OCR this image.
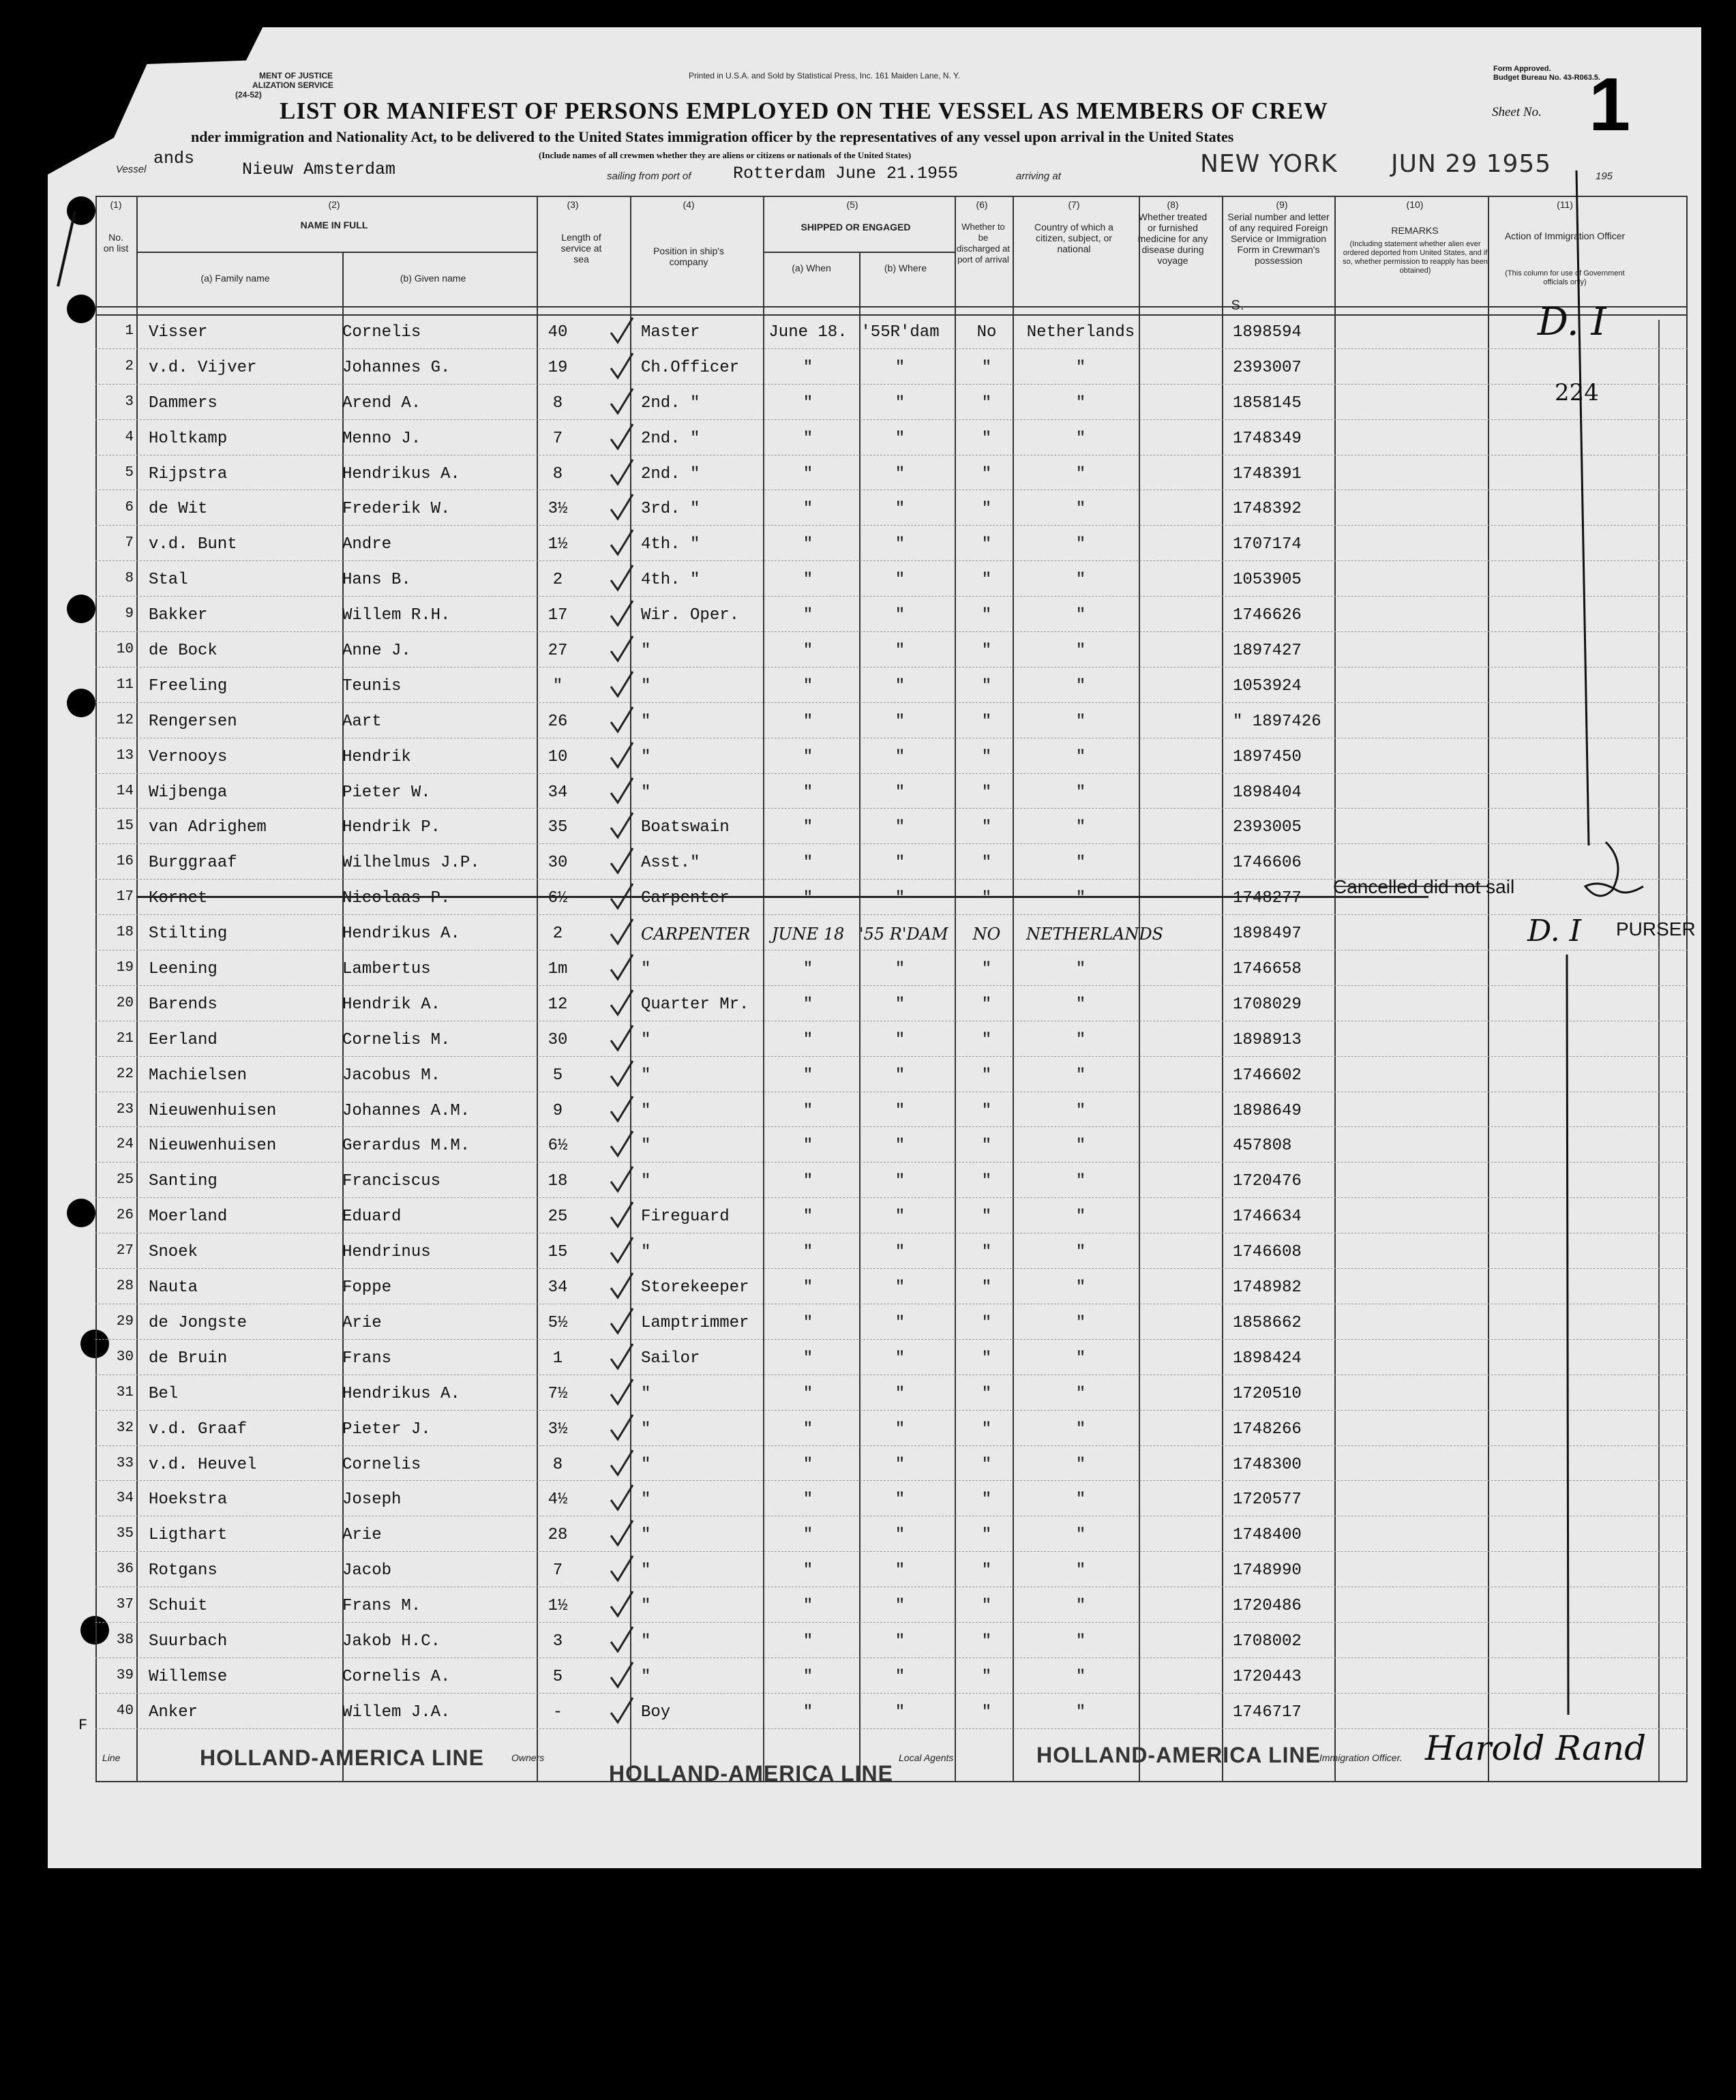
MENT OF JUSTICE
ALIZATION SERVICE
(24-52)
Printed in U.S.A. and Sold by Statistical Press, Inc. 161 Maiden Lane, N. Y.
Form Approved.
Budget Bureau No. 43-R063.5.
LIST OR MANIFEST OF PERSONS EMPLOYED ON THE VESSEL AS MEMBERS OF CREW
nder immigration and Nationality Act, to be delivered to the United States immigration officer by the representatives of any vessel upon arrival in the United States
(Include names of all crewmen whether they are aliens or citizens or nationals of the United States)
Sheet No. 1
ands
Vessel	Nieuw Amsterdam	sailing from port of Rotterdam June 21.1955	arriving at	NEW YORK JUN 29 1955	195
(1)
No. on list
(2)
NAME IN FULL
(a) Family name	(b) Given name
(3)
Length of service at sea
(4)
Position in ship's company
(5)
SHIPPED OR ENGAGED
(a) When	(b) Where
(6)
Whether to be discharged at port of arrival
(7)
Country of which a citizen, subject, or national
(8)
Whether treated or furnished medicine for any disease during voyage
(9)
Serial number and letter of any required Foreign Service or Immigration Form in Crewman's possession
S.
(10)
REMARKS
(Including statement whether alien ever ordered deported from United States, and if so, whether permission to reapply has been obtained)
(11)
Action of Immigration Officer
(This column for use of Government officials only)
1 Visser	Cornelis	40	Master	June 18. '55R'dam	No	Netherlands	1898594
2 v.d. Vijver	Johannes G.	19	Ch.Officer	"	"	"	"	2393007
3 Dammers	Arend A.	8	2nd. "	"	"	"	"	1858145
4 Holtkamp	Menno J.	7	2nd. "	"	"	"	"	1748349
5 Rijpstra	Hendrikus A.	8	2nd. "	"	"	"	"	1748391
6 de Wit	Frederik W.	3½	3rd. "	"	"	"	"	1748392
7 v.d. Bunt	Andre	1½	4th. "	"	"	"	"	1707174
8 Stal	Hans B.	2	4th. "	"	"	"	"	1053905
9 Bakker	Willem R.H.	17	Wir. Oper.	"	"	"	"	1746626
10 de Bock	Anne J.	27	"	"	"	"	"	1897427
11 Freeling	Teunis	"	"	"	"	"	"	1053924
12 Rengersen	Aart	26	"	"	"	"	"	" 1897426
13 Vernooys	Hendrik	10	"	"	"	"	"	1897450
14 Wijbenga	Pieter W.	34	"	"	"	"	"	1898404
15 van Adrighem	Hendrik P.	35	Boatswain	"	"	"	"	2393005
16 Burggraaf	Wilhelmus J.P.	30	Asst."	"	"	"	"	1746606
17 Kornet	Nicolaas P.	6½	Carpenter	"	"	"	"	1748277
18 Stilting	Hendrikus A.	2	CARPENTER JUNE 18 '55 R'DAM	NO	NETHERLANDS	1898497
19 Leening	Lambertus	1m	"	"	"	"	"	1746658
20 Barends	Hendrik A.	12	Quarter Mr.	"	"	"	"	1708029
21 Eerland	Cornelis M.	30	"	"	"	"	"	1898913
22 Machielsen	Jacobus M.	5	"	"	"	"	"	1746602
23 Nieuwenhuisen	Johannes A.M.	9	"	"	"	"	"	1898649
24 Nieuwenhuisen	Gerardus M.M.	6½	"	"	"	"	"	457808
25 Santing	Franciscus	18	"	"	"	"	"	1720476
26 Moerland	Eduard	25	Fireguard	"	"	"	"	1746634
27 Snoek	Hendrinus	15	"	"	"	"	"	1746608
28 Nauta	Foppe	34	Storekeeper	"	"	"	"	1748982
29 de Jongste	Arie	5½	Lamptrimmer	"	"	"	"	1858662
30 de Bruin	Frans	1	Sailor	"	"	"	"	1898424
31 Bel	Hendrikus A.	7½	"	"	"	"	"	1720510
32 v.d. Graaf	Pieter J.	3½	"	"	"	"	"	1748266
33 v.d. Heuvel	Cornelis	8	"	"	"	"	"	1748300
34 Hoekstra	Joseph	4½	"	"	"	"	"	1720577
35 Ligthart	Arie	28	"	"	"	"	"	1748400
36 Rotgans	Jacob	7	"	"	"	"	"	1748990
37 Schuit	Frans M.	1½	"	"	"	"	"	1720486
38 Suurbach	Jakob H.C.	3	"	"	"	"	"	1708002
39 Willemse	Cornelis A.	5	"	"	"	"	"	1720443
40 Anker	Willem J.A.	-	Boy	"	"	"	"	1746717
D. I
224
Cancelled did not sail
D. I PURSER
F
Line	HOLLAND-AMERICA LINE	Owners
HOLLAND-AMERICA LINE
Local Agents	HOLLAND-AMERICA LINE
Immigration Officer. Harold Rand
